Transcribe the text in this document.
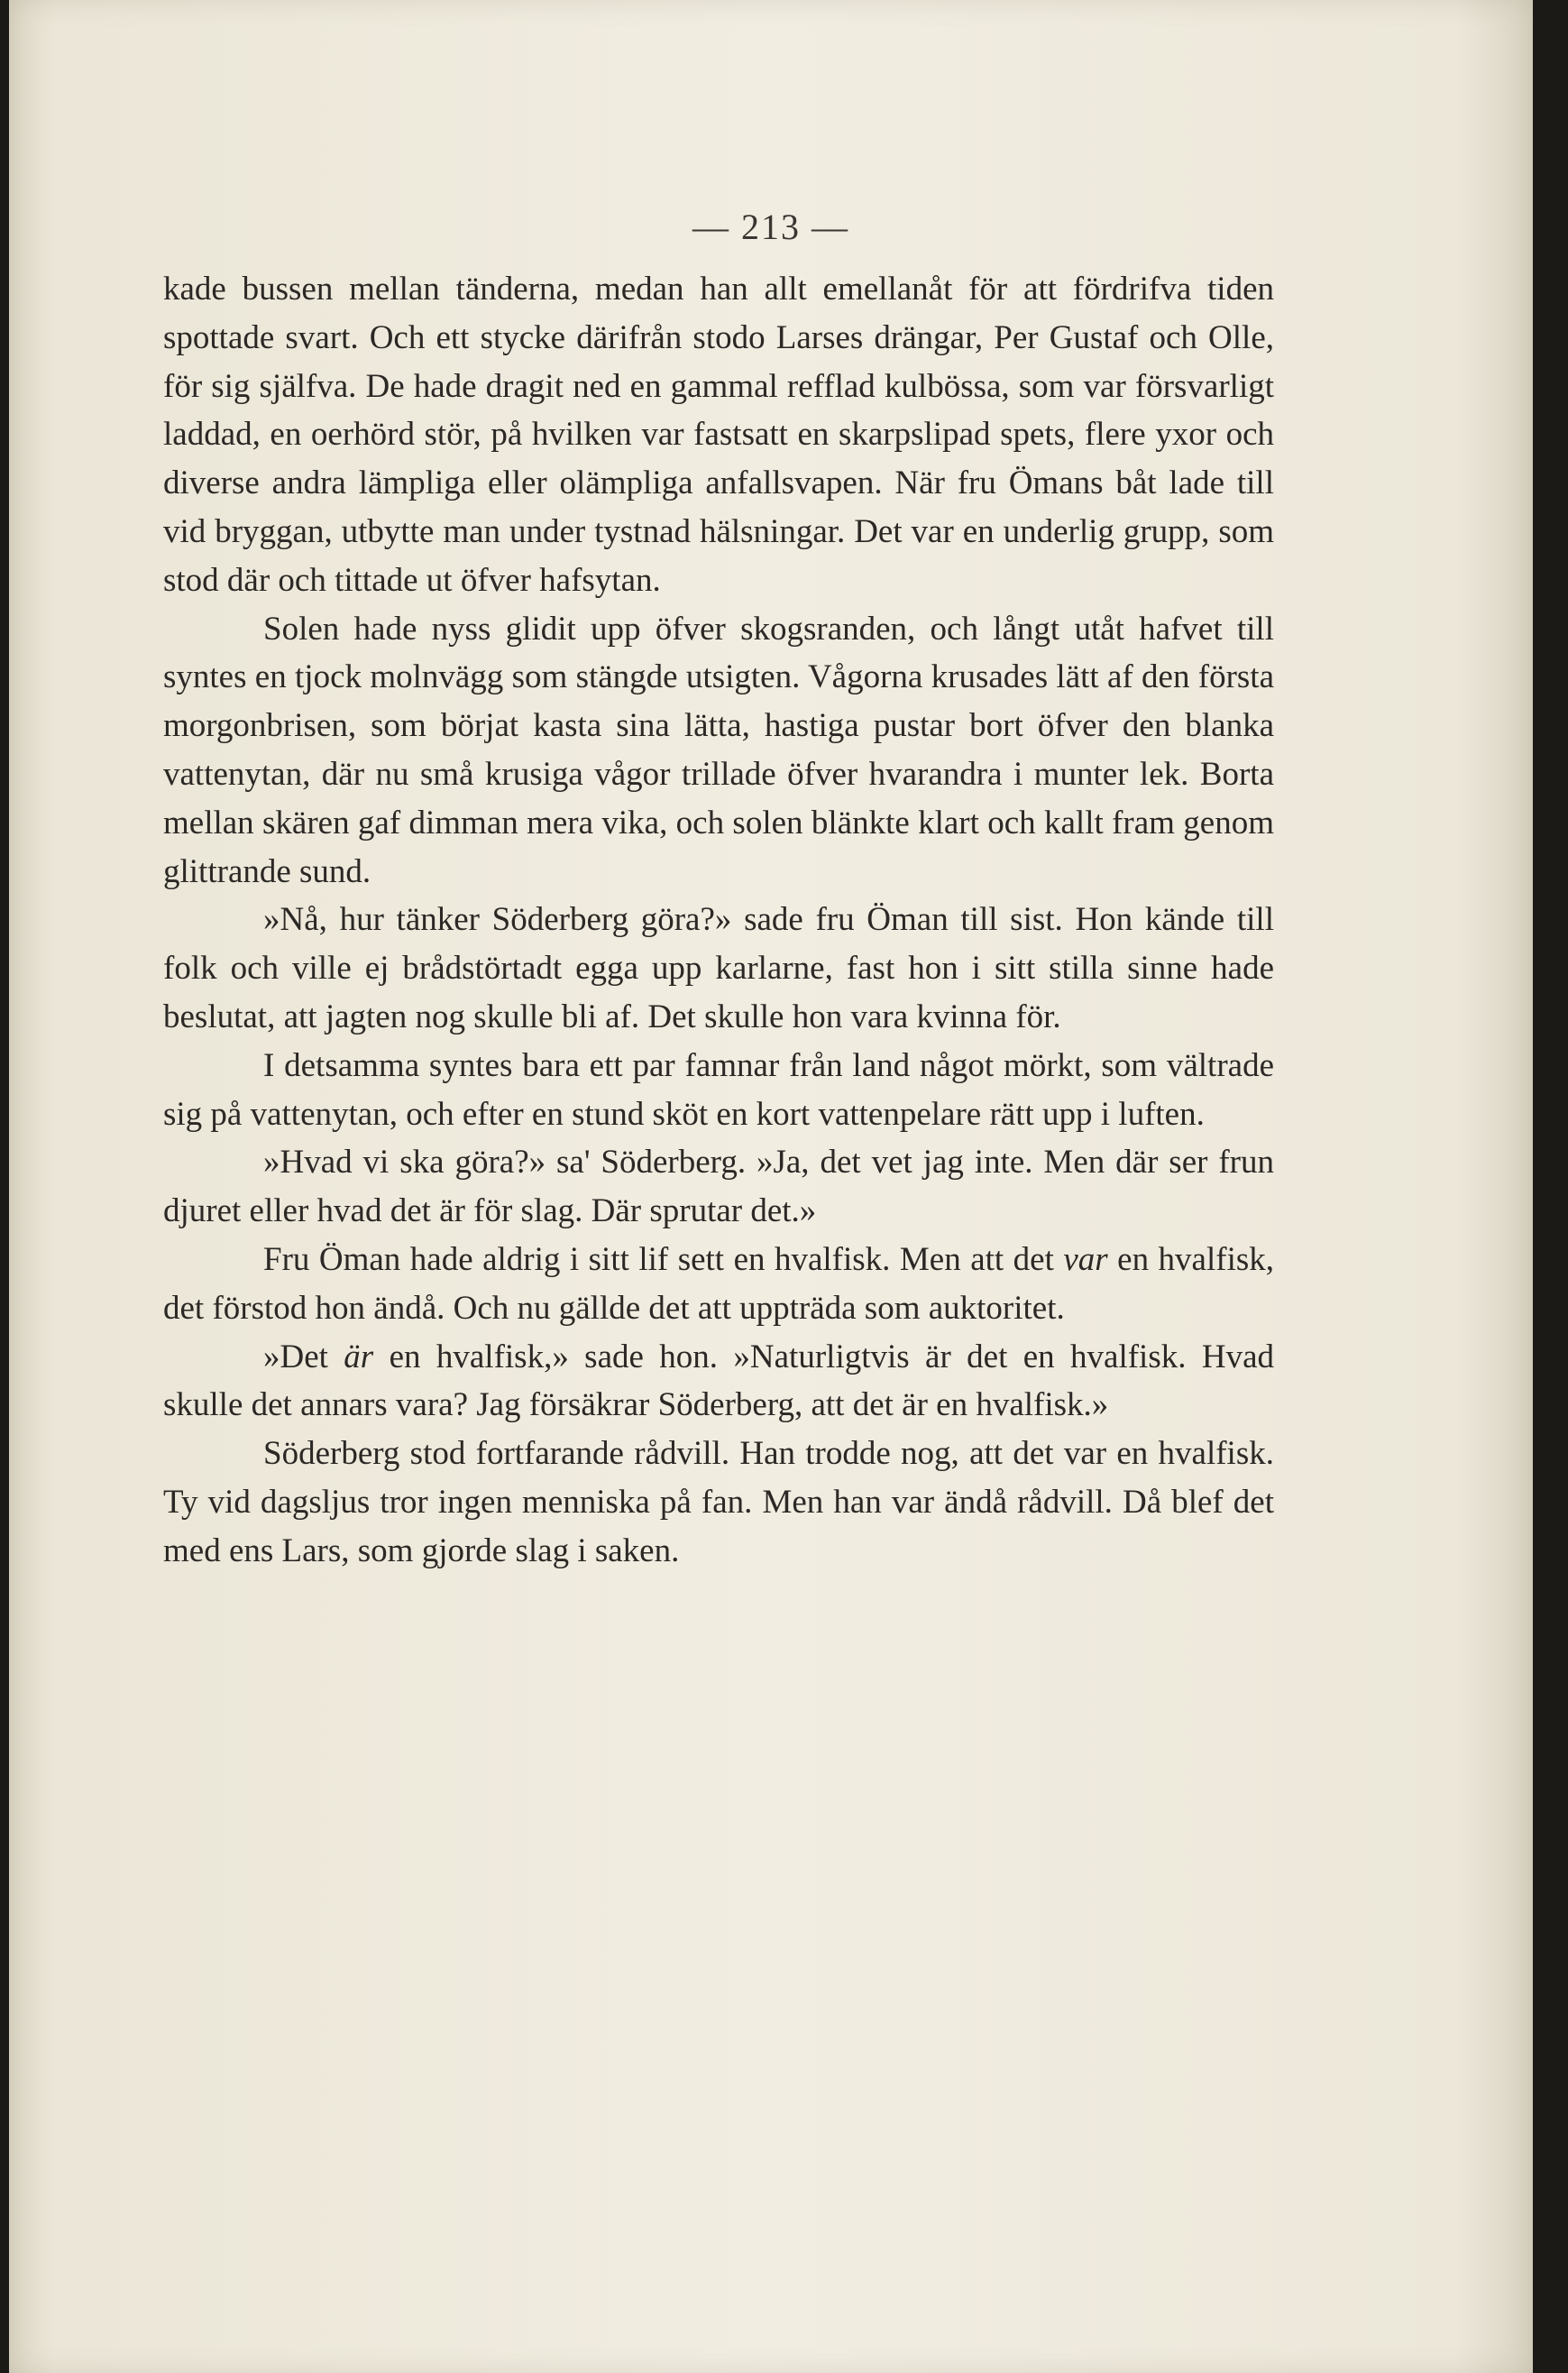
— 213 —

kade bussen mellan tänderna, medan han allt emellanåt för att fördrifva tiden spottade svart. Och ett stycke därifrån stodo Larses drängar, Per Gustaf och Olle, för sig själfva. De hade dragit ned en gammal refflad kulbössa, som var försvarligt laddad, en oerhörd stör, på hvilken var fastsatt en skarpslipad spets, flere yxor och diverse andra lämpliga eller olämpliga anfallsvapen. När fru Ömans båt lade till vid bryggan, utbytte man under tystnad hälsningar. Det var en underlig grupp, som stod där och tittade ut öfver hafsytan.

Solen hade nyss glidit upp öfver skogsranden, och långt utåt hafvet till syntes en tjock molnvägg som stängde utsigten. Vågorna krusades lätt af den första morgonbrisen, som börjat kasta sina lätta, hastiga pustar bort öfver den blanka vattenytan, där nu små krusiga vågor trillade öfver hvarandra i munter lek. Borta mellan skären gaf dimman mera vika, och solen blänkte klart och kallt fram genom glittrande sund.

»Nå, hur tänker Söderberg göra?» sade fru Öman till sist. Hon kände till folk och ville ej brådstörtadt egga upp karlarne, fast hon i sitt stilla sinne hade beslutat, att jagten nog skulle bli af. Det skulle hon vara kvinna för.

I detsamma syntes bara ett par famnar från land något mörkt, som vältrade sig på vattenytan, och efter en stund sköt en kort vattenpelare rätt upp i luften.

»Hvad vi ska göra?» sa' Söderberg. »Ja, det vet jag inte. Men där ser frun djuret eller hvad det är för slag. Där sprutar det.»

Fru Öman hade aldrig i sitt lif sett en hvalfisk. Men att det var en hvalfisk, det förstod hon ändå. Och nu gällde det att uppträda som auktoritet.

»Det är en hvalfisk,» sade hon. »Naturligtvis är det en hvalfisk. Hvad skulle det annars vara? Jag försäkrar Söderberg, att det är en hvalfisk.»

Söderberg stod fortfarande rådvill. Han trodde nog, att det var en hvalfisk. Ty vid dagsljus tror ingen menniska på fan. Men han var ändå rådvill. Då blef det med ens Lars, som gjorde slag i saken.
